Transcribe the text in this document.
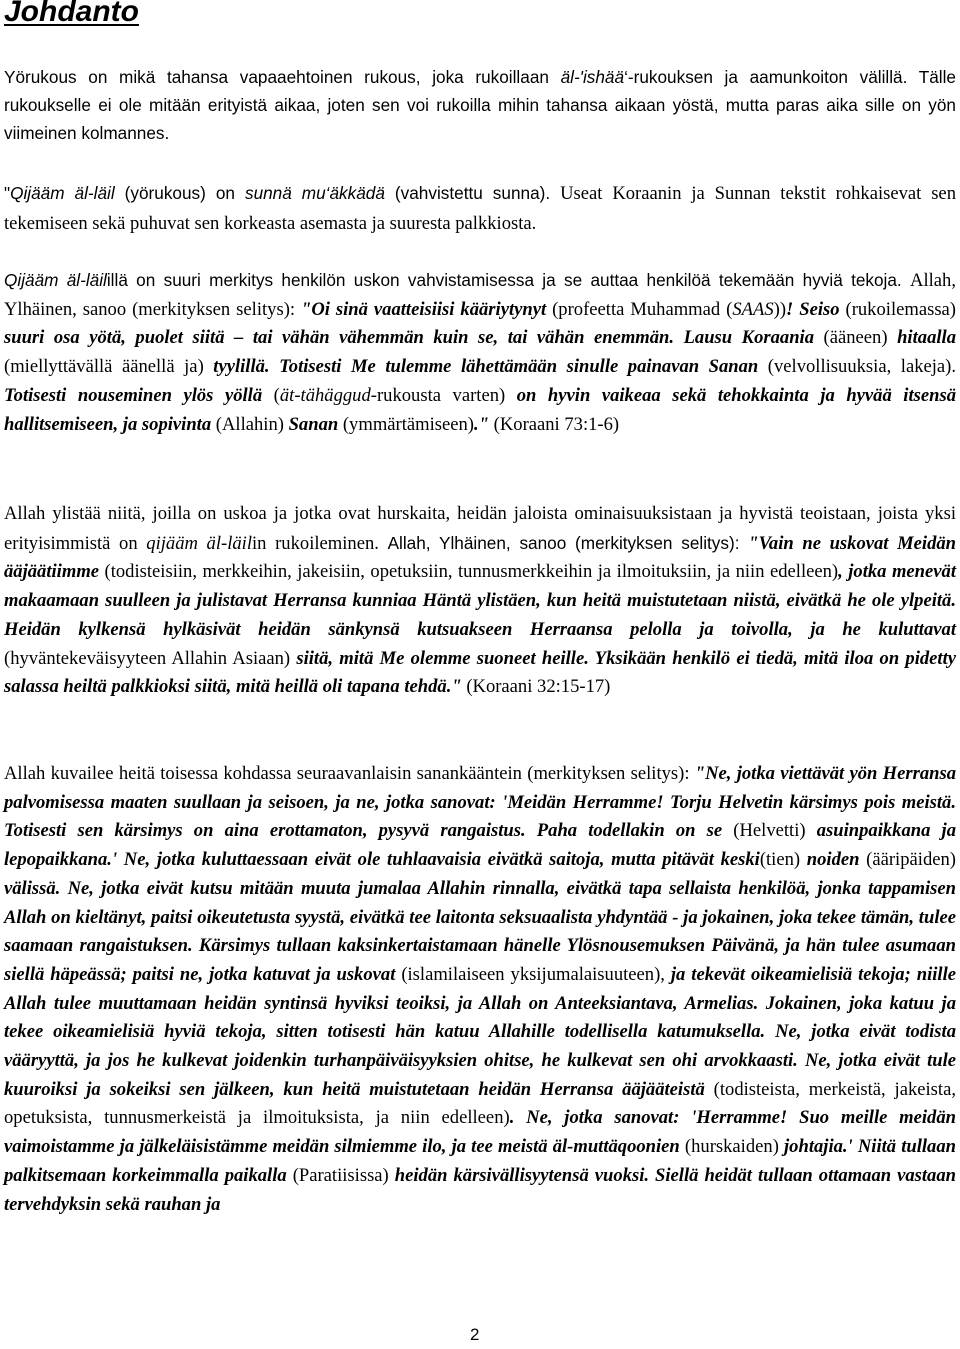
Johdanto

Yörukous on mikä tahansa vapaaehtoinen rukous, joka rukoillaan äl-'ishää‘-rukouksen ja aamunkoiton välillä. Tälle rukoukselle ei ole mitään erityistä aikaa, joten sen voi rukoilla mihin tahansa aikaan yöstä, mutta paras aika sille on yön viimeinen kolmannes.

"Qijääm äl-läil (yörukous) on sunnä mu‘äkkädä (vahvistettu sunna). Useat Koraanin ja Sunnan tekstit rohkaisevat sen tekemiseen sekä puhuvat sen korkeasta asemasta ja suuresta palkkiosta.

Qijääm äl-läilillä on suuri merkitys henkilön uskon vahvistamisessa ja se auttaa henkilöä tekemään hyviä tekoja. Allah, Ylhäinen, sanoo (merkityksen selitys): "Oi sinä vaatteisiisi kääriytynyt (profeetta Muhammad (SAAS))! Seiso (rukoilemassa) suuri osa yötä, puolet siitä – tai vähän vähemmän kuin se, tai vähän enemmän. Lausu Koraania (ääneen) hitaalla (miellyttävällä äänellä ja) tyylillä. Totisesti Me tulemme lähettämään sinulle painavan Sanan (velvollisuuksia, lakeja). Totisesti nouseminen ylös yöllä (ät-tähäggud-rukousta varten) on hyvin vaikeaa sekä tehokkainta ja hyvää itsensä hallitsemiseen, ja sopivinta (Allahin) Sanan (ymmärtämiseen)." (Koraani 73:1-6)

Allah ylistää niitä, joilla on uskoa ja jotka ovat hurskaita, heidän jaloista ominaisuuksistaan ja hyvistä teoistaan, joista yksi erityisimmistä on qijääm äl-läilin rukoileminen. Allah, Ylhäinen, sanoo (merkityksen selitys): "Vain ne uskovat Meidän ääjäätiimme (todisteisiin, merkkeihin, jakeisiin, opetuksiin, tunnusmerkkeihin ja ilmoituksiin, ja niin edelleen), jotka menevät makaamaan suulleen ja julistavat Herransa kunniaa Häntä ylistäen, kun heitä muistutetaan niistä, eivätkä he ole ylpeitä. Heidän kylkensä hylkäsivät heidän sänkynsä kutsuakseen Herraansa pelolla ja toivolla, ja he kuluttavat (hyväntekeväisyyteen Allahin Asiaan) siitä, mitä Me olemme suoneet heille. Yksikään henkilö ei tiedä, mitä iloa on pidetty salassa heiltä palkkioksi siitä, mitä heillä oli tapana tehdä." (Koraani 32:15-17)

Allah kuvailee heitä toisessa kohdassa seuraavanlaisin sanankääntein (merkityksen selitys): "Ne, jotka viettävät yön Herransa palvomisessa maaten suullaan ja seisoen, ja ne, jotka sanovat: 'Meidän Herramme! Torju Helvetin kärsimys pois meistä. Totisesti sen kärsimys on aina erottamaton, pysyvä rangaistus. Paha todellakin on se (Helvetti) asuinpaikkana ja lepopaikkana.' Ne, jotka kuluttaessaan eivät ole tuhlaavaisia eivätkä saitoja, mutta pitävät keski(tien) noiden (ääripäiden) välissä. Ne, jotka eivät kutsu mitään muuta jumalaa Allahin rinnalla, eivätkä tapa sellaista henkilöä, jonka tappamisen Allah on kieltänyt, paitsi oikeutetusta syystä, eivätkä tee laitonta seksuaalista yhdyntää - ja jokainen, joka tekee tämän, tulee saamaan rangaistuksen. Kärsimys tullaan kaksinkertaistamaan hänelle Ylösnousemuksen Päivänä, ja hän tulee asumaan siellä häpeässä; paitsi ne, jotka katuvat ja uskovat (islamilaiseen yksijumalaisuuteen), ja tekevät oikeamielisiä tekoja; niille Allah tulee muuttamaan heidän syntinsä hyviksi teoiksi, ja Allah on Anteeksiantava, Armelias. Jokainen, joka katuu ja tekee oikeamielisiä hyviä tekoja, sitten totisesti hän katuu Allahille todellisella katumuksella. Ne, jotka eivät todista vääryyttä, ja jos he kulkevat joidenkin turhanpäiväisyyksien ohitse, he kulkevat sen ohi arvokkaasti. Ne, jotka eivät tule kuuroiksi ja sokeiksi sen jälkeen, kun heitä muistutetaan heidän Herransa ääjääteistä (todisteista, merkeistä, jakeista, opetuksista, tunnusmerkeistä ja ilmoituksista, ja niin edelleen). Ne, jotka sanovat: 'Herramme! Suo meille meidän vaimoistamme ja jälkeläisistämme meidän silmiemme ilo, ja tee meistä äl-muttäqoonien (hurskaiden) johtajia.' Niitä tullaan palkitsemaan korkeimmalla paikalla (Paratiisissa) heidän kärsivällisyytensä vuoksi. Siellä heidät tullaan ottamaan vastaan tervehdyksin sekä rauhan ja

2
